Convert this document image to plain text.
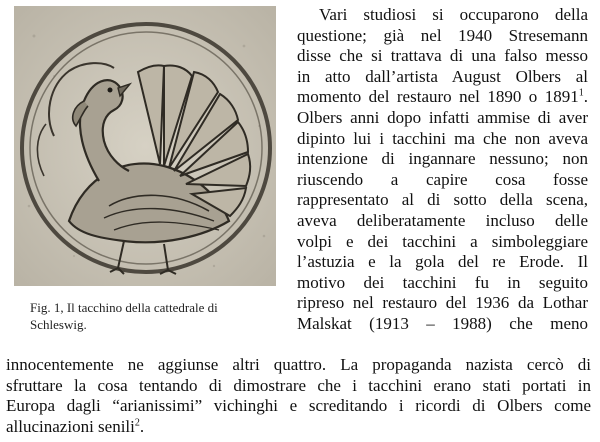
Fig. 1, Il tacchino della cattedrale di
Schleswig.
Vari studiosi si occuparono della
questione; già nel 1940 Stresemann
disse che si trattava di una falso messo
in atto dall’artista August Olbers al
momento del restauro nel 1890 o 1891$^1$.
Olbers anni dopo infatti ammise di aver
dipinto lui i tacchini ma che non aveva
intenzione di ingannare nessuno; non
riuscendo a capire cosa fosse
rappresentato al di sotto della scena,
aveva deliberatamente incluso delle
volpi e dei tacchini a simboleggiare
l’astuzia e la gola del re Erode. Il
motivo dei tacchini fu in seguito
ripreso nel restauro del 1936 da Lothar
Malskat (1913 – 1988) che meno
innocentemente ne aggiunse altri quattro. La propaganda nazista cercò di
sfruttare la cosa tentando di dimostrare che i tacchini erano stati portati in
Europa dagli “arianissimi” vichinghi e screditando i ricordi di Olbers come
allucinazioni senili$^2$.
